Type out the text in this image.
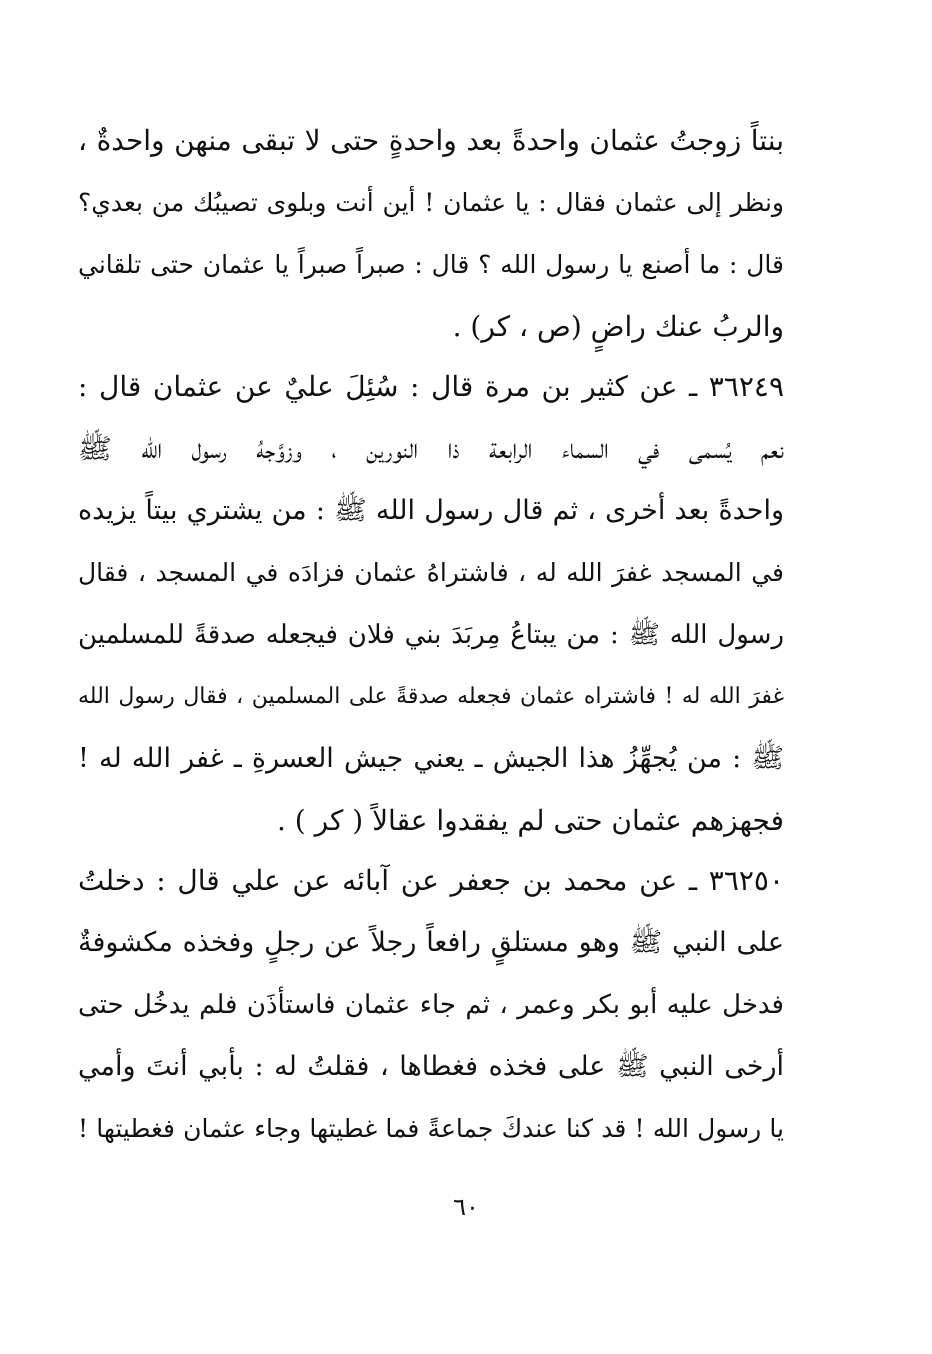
بنتاً زوجتُ عثمان واحدةً بعد واحدةٍ حتى لا تبقى منهن واحدةٌ ،
ونظر إلى عثمان فقال : يا عثمان ! أين أنت وبلوى تصيبُك من بعدي؟
قال : ما أصنع يا رسول الله ؟ قال : صبراً صبراً يا عثمان حتى تلقاني
والربُ عنك راضٍ (ص ، كر) .
٣٦٢٤٩ ـ عن كثير بن مرة قال : سُئِلَ عليٌ عن عثمان قال :
نعم يُسمى في السماء الرابعة ذا النورين ، وزوَّجهُ رسول الله ﷺ
واحدةً بعد أخرى ، ثم قال رسول الله ﷺ : من يشتري بيتاً يزيده
في المسجد غفرَ الله له ، فاشتراهُ عثمان فزادَه في المسجد ، فقال
رسول الله ﷺ : من يبتاعُ مِربَدَ بني فلان فيجعله صدقةً للمسلمين
غفرَ الله له ! فاشتراه عثمان فجعله صدقةً على المسلمين ، فقال رسول الله
ﷺ : من يُجهِّزُ هذا الجيش ـ يعني جيش العسرةِ ـ غفر الله له !
فجهزهم عثمان حتى لم يفقدوا عقالاً ( كر ) .
٣٦٢٥٠ ـ عن محمد بن جعفر عن آبائه عن علي قال : دخلتُ
على النبي ﷺ وهو مستلقٍ رافعاً رجلاً عن رجلٍ وفخذه مكشوفةٌ
فدخل عليه أبو بكر وعمر ، ثم جاء عثمان فاستأذَن فلم يدخُل حتى
أرخى النبي ﷺ على فخذه فغطاها ، فقلتُ له : بأبي أنتَ وأمي
يا رسول الله ! قد كنا عندكَ جماعةً فما غطيتها وجاء عثمان فغطيتها !
٦٠
